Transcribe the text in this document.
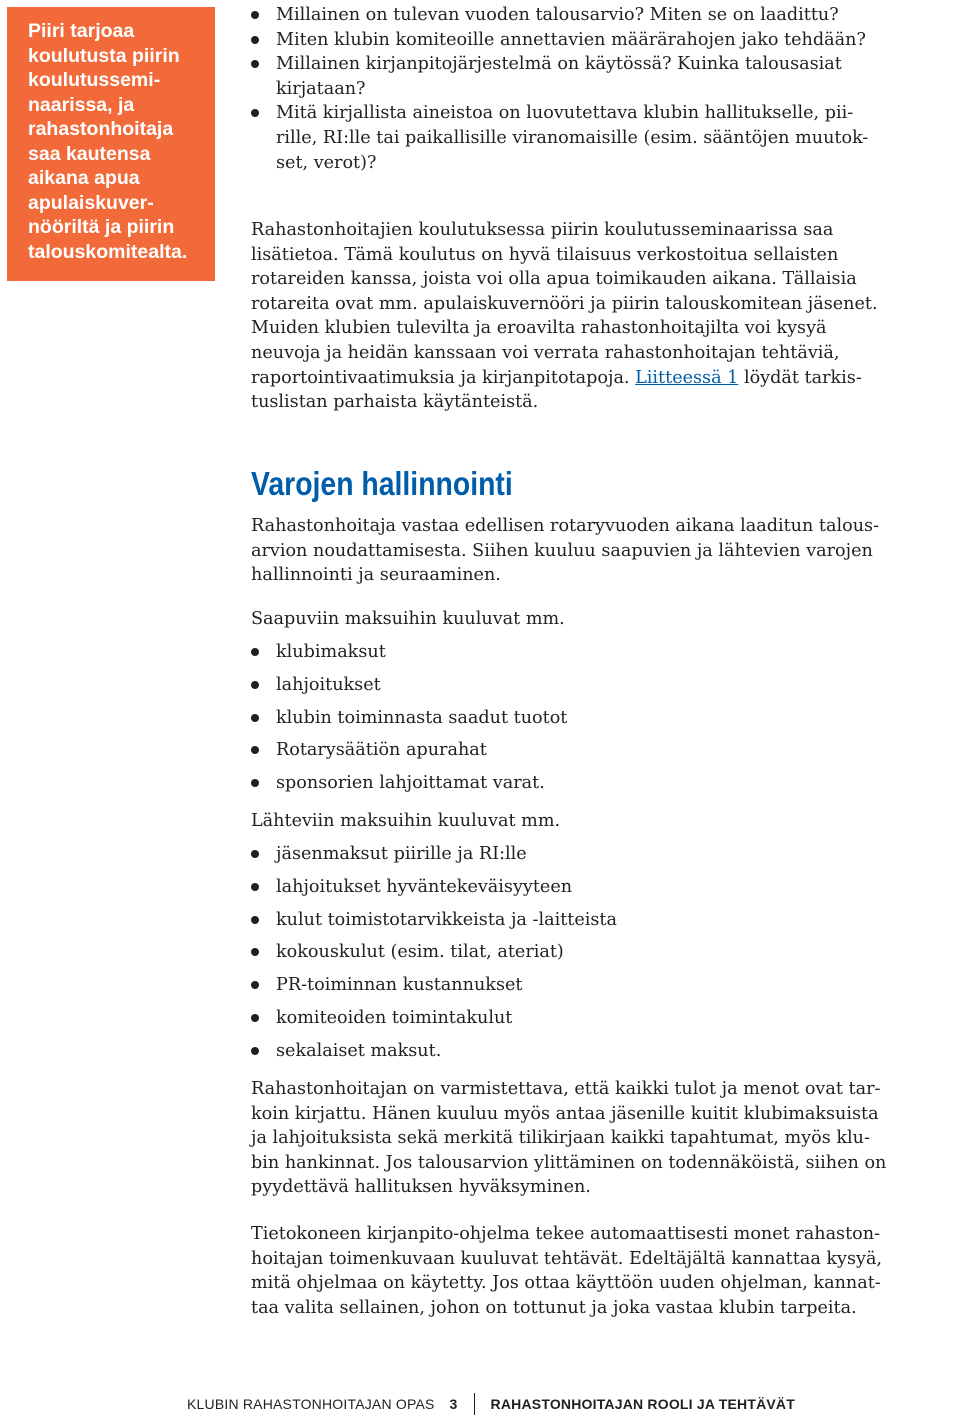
Piiri tarjoaa
koulutusta piirin
koulutussemi-
naarissa, ja
rahastonhoitaja
saa kautensa
aikana apua
apulaiskuver-
nööriltä ja piirin
talouskomitealta.

Millainen on tulevan vuoden talousarvio? Miten se on laadittu?
Miten klubin komiteoille annettavien määrärahojen jako tehdään?
Millainen kirjanpitojärjestelmä on käytössä? Kuinka talousasiat
kirjataan?
Mitä kirjallista aineistoa on luovutettava klubin hallitukselle, pii-
rille, RI:lle tai paikallisille viranomaisille (esim. sääntöjen muutok-
set, verot)?

Rahastonhoitajien koulutuksessa piirin koulutusseminaarissa saa
lisätietoa. Tämä koulutus on hyvä tilaisuus verkostoitua sellaisten
rotareiden kanssa, joista voi olla apua toimikauden aikana. Tällaisia
rotareita ovat mm. apulaiskuvernööri ja piirin talouskomitean jäsenet.
Muiden klubien tulevilta ja eroavilta rahastonhoitajilta voi kysyä
neuvoja ja heidän kanssaan voi verrata rahastonhoitajan tehtäviä,
raportointivaatimuksia ja kirjanpitotapoja. Liitteessä 1 löydät tarkis-
tuslistan parhaista käytänteistä.

Varojen hallinnointi

Rahastonhoitaja vastaa edellisen rotaryvuoden aikana laaditun talous-
arvion noudattamisesta. Siihen kuuluu saapuvien ja lähtevien varojen
hallinnointi ja seuraaminen.

Saapuviin maksuihin kuuluvat mm.

klubimaksut
lahjoitukset
klubin toiminnasta saadut tuotot
Rotarysäätiön apurahat
sponsorien lahjoittamat varat.

Lähteviin maksuihin kuuluvat mm.

jäsenmaksut piirille ja RI:lle
lahjoitukset hyväntekeväisyyteen
kulut toimistotarvikkeista ja -laitteista
kokouskulut (esim. tilat, ateriat)
PR-toiminnan kustannukset
komiteoiden toimintakulut
sekalaiset maksut.

Rahastonhoitajan on varmistettava, että kaikki tulot ja menot ovat tar-
koin kirjattu. Hänen kuuluu myös antaa jäsenille kuitit klubimaksuista
ja lahjoituksista sekä merkitä tilikirjaan kaikki tapahtumat, myös klu-
bin hankinnat. Jos talousarvion ylittäminen on todennäköistä, siihen on
pyydettävä hallituksen hyväksyminen.

Tietokoneen kirjanpito-ohjelma tekee automaattisesti monet rahaston-
hoitajan toimenkuvaan kuuluvat tehtävät. Edeltäjältä kannattaa kysyä,
mitä ohjelmaa on käytetty. Jos ottaa käyttöön uuden ohjelman, kannat-
taa valita sellainen, johon on tottunut ja joka vastaa klubin tarpeita.

KLUBIN RAHASTONHOITAJAN OPAS 3 RAHASTONHOITAJAN ROOLI JA TEHTÄVÄT
